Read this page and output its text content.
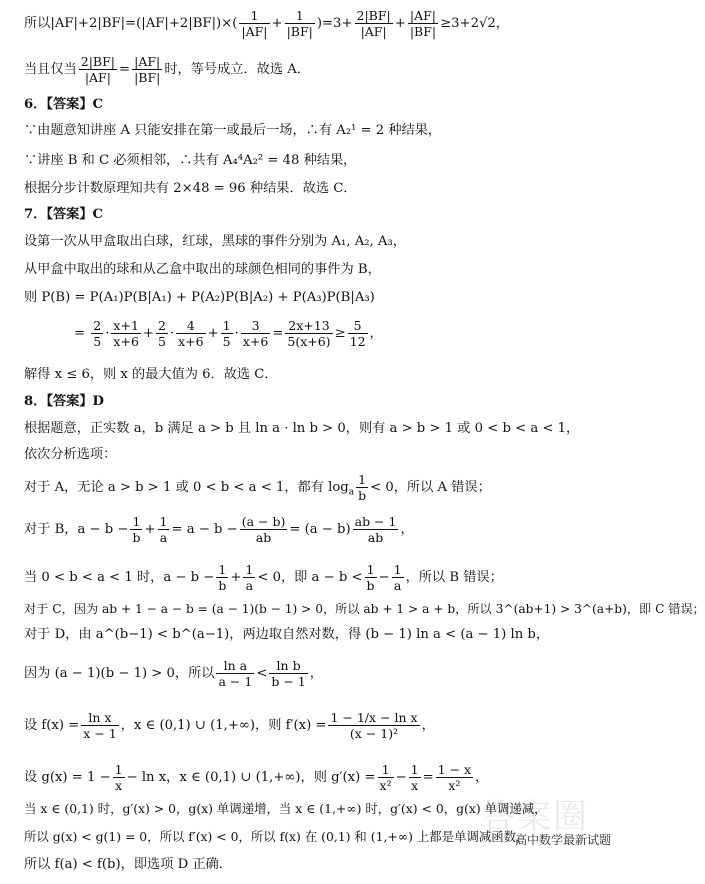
所以$|AF|+2|BF|=(|AF|+2|BF|)\times( \frac{1}{|AF|} + \frac{1}{|BF|} )=3+ \frac{2|BF|}{|AF|} + \frac{|AF|}{|BF|} \ge 3+2√2$，
当且仅当 $\frac{2|BF|}{|AF|} = \frac{|AF|}{|BF|}$ 时，等号成立．故选 A．
6．【答案】C
∵由题意知讲座 A 只能安排在第一或最后一场，∴有 A₂¹ = 2 种结果，
∵讲座 B 和 C 必须相邻，∴共有 A₄⁴A₂² = 48 种结果，
根据分步计数原理知共有 2×48 = 96 种结果．故选 C．
7．【答案】C
设第一次从甲盒取出白球，红球，黑球的事件分别为 A₁, A₂, A₃，
从甲盒中取出的球和从乙盒中取出的球颜色相同的事件为 B，
则 P(B) = P(A₁)P(B|A₁) + P(A₂)P(B|A₂) + P(A₃)P(B|A₃)
= $\frac{2}{5} \cdot \frac{x+1}{x+6} + \frac{2}{5} \cdot \frac{4}{x+6} + \frac{1}{5} \cdot \frac{3}{x+6} = \frac{2x+13}{5(x+6)} \ge \frac{5}{12}$ ，
解得 x ≤ 6，则 x 的最大值为 6．故选 C．
8．【答案】D
根据题意，正实数 a，b 满足 a > b 且 ln a · ln b > 0，则有 a > b > 1 或 0 < b < a < 1，
依次分析选项：
对于 A，无论 a > b > 1 或 0 < b < a < 1，都有 $\log_a \frac{1}{b} < 0$，所以 A 错误；
对于 B，$a - b - \frac{1}{b} + \frac{1}{a} = a - b - \frac{(a - b)}{ab} = (a - b) \frac{ab - 1}{ab}$ ，
当 0 < b < a < 1 时，$a - b - \frac{1}{b} + \frac{1}{a} < 0$，即 $a - b < \frac{1}{b} - \frac{1}{a}$ ，所以 B 错误；
对于 C，因为 ab + 1 − a − b = (a − 1)(b − 1) > 0，所以 ab + 1 > a + b，所以 3^(ab+1) > 3^(a+b)，即 C 错误；
对于 D，由 a^(b−1) < b^(a−1)，两边取自然对数，得 (b − 1) ln a < (a − 1) ln b，
因为 (a − 1)(b − 1) > 0，所以 $\frac{\text{ln a}}{a - 1} < \frac{\text{ln b}}{b - 1}$ ，
设 $f(x) = \frac{\text{ln x}}{x - 1}$ ，x ∈ (0,1) ∪ (1,+∞)，则 $f'(x) = \frac{\text{1 − 1/x − ln x}}{\text{(x − 1)²}}$ ，
设 $g(x) = 1 - \frac{1}{x} - \ln x$，x ∈ (0,1) ∪ (1,+∞)，则 $g'(x) = \frac{1}{\text{x²}} - \frac{1}{x} = \frac{1 - x}{\text{x²}}$ ，
当 x ∈ (0,1) 时，g′(x) > 0，g(x) 单调递增，当 x ∈ (1,+∞) 时，g′(x) < 0，g(x) 单调递减，
所以 g(x) < g(1) = 0，所以 f′(x) < 0，所以 f(x) 在 (0,1) 和 (1,+∞) 上都是单调减函数，
所以 f(a) < f(b)，即选项 D 正确．
答案圈
高中数学最新试题
